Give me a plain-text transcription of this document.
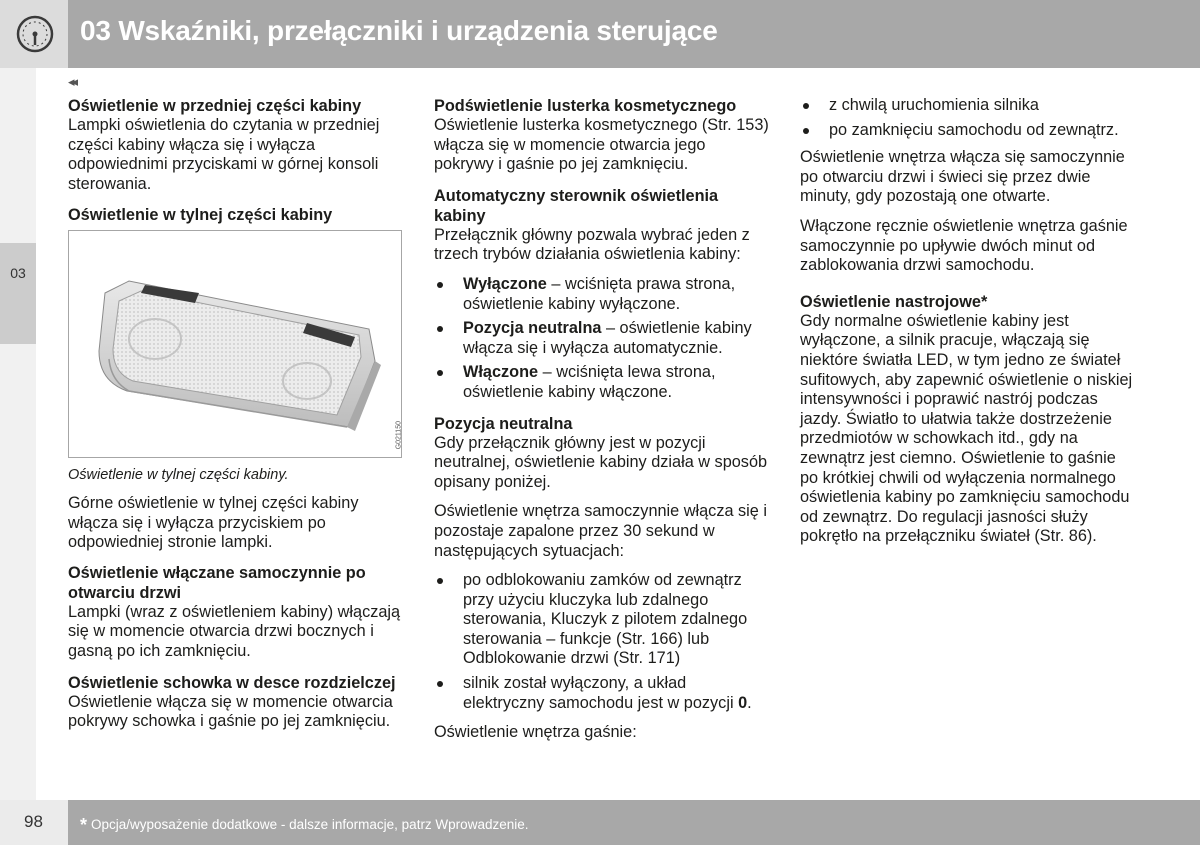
03 Wskaźniki, przełączniki i urządzenia sterujące
03
◂◂
Oświetlenie w przedniej części kabiny

Lampki oświetlenia do czytania w przedniej części kabiny włącza się i wyłącza odpowiednimi przyciskami w górnej konsoli sterowania.

Oświetlenie w tylnej części kabiny
G021150

Oświetlenie w tylnej części kabiny.

Górne oświetlenie w tylnej części kabiny włącza się i wyłącza przyciskiem po odpowiedniej stronie lampki.

Oświetlenie włączane samoczynnie po otwarciu drzwi

Lampki (wraz z oświetleniem kabiny) włączają się w momencie otwarcia drzwi bocznych i gasną po ich zamknięciu.

Oświetlenie schowka w desce rozdzielczej

Oświetlenie włącza się w momencie otwarcia pokrywy schowka i gaśnie po jej zamknięciu.

Podświetlenie lusterka kosmetycznego

Oświetlenie lusterka kosmetycznego (Str. 153) włącza się w momencie otwarcia jego pokrywy i gaśnie po jej zamknięciu.

Automatyczny sterownik oświetlenia kabiny

Przełącznik główny pozwala wybrać jeden z trzech trybów działania oświetlenia kabiny:

Wyłączone – wciśnięta prawa strona, oświetlenie kabiny wyłączone.
Pozycja neutralna – oświetlenie kabiny włącza się i wyłącza automatycznie.
Włączone – wciśnięta lewa strona, oświetlenie kabiny włączone.
Pozycja neutralna

Gdy przełącznik główny jest w pozycji neutralnej, oświetlenie kabiny działa w sposób opisany poniżej.

Oświetlenie wnętrza samoczynnie włącza się i pozostaje zapalone przez 30 sekund w następujących sytuacjach:

po odblokowaniu zamków od zewnątrz przy użyciu kluczyka lub zdalnego sterowania, Kluczyk z pilotem zdalnego sterowania – funkcje (Str. 166) lub Odblokowanie drzwi (Str. 171)
silnik został wyłączony, a układ elektryczny samochodu jest w pozycji 0.

Oświetlenie wnętrza gaśnie:

z chwilą uruchomienia silnika
po zamknięciu samochodu od zewnątrz.

Oświetlenie wnętrza włącza się samoczynnie po otwarciu drzwi i świeci się przez dwie minuty, gdy pozostają one otwarte.

Włączone ręcznie oświetlenie wnętrza gaśnie samoczynnie po upływie dwóch minut od zablokowania drzwi samochodu.

Oświetlenie nastrojowe*

Gdy normalne oświetlenie kabiny jest wyłączone, a silnik pracuje, włączają się niektóre światła LED, w tym jedno ze świateł sufitowych, aby zapewnić oświetlenie o niskiej intensywności i poprawić nastrój podczas jazdy. Światło to ułatwia także dostrzeżenie przedmiotów w schowkach itd., gdy na zewnątrz jest ciemno. Oświetlenie to gaśnie po krótkiej chwili od wyłączenia normalnego oświetlenia kabiny po zamknięciu samochodu od zewnątrz. Do regulacji jasności służy pokrętło na przełączniku świateł (Str. 86).

98 * Opcja/wyposażenie dodatkowe - dalsze informacje, patrz Wprowadzenie.
